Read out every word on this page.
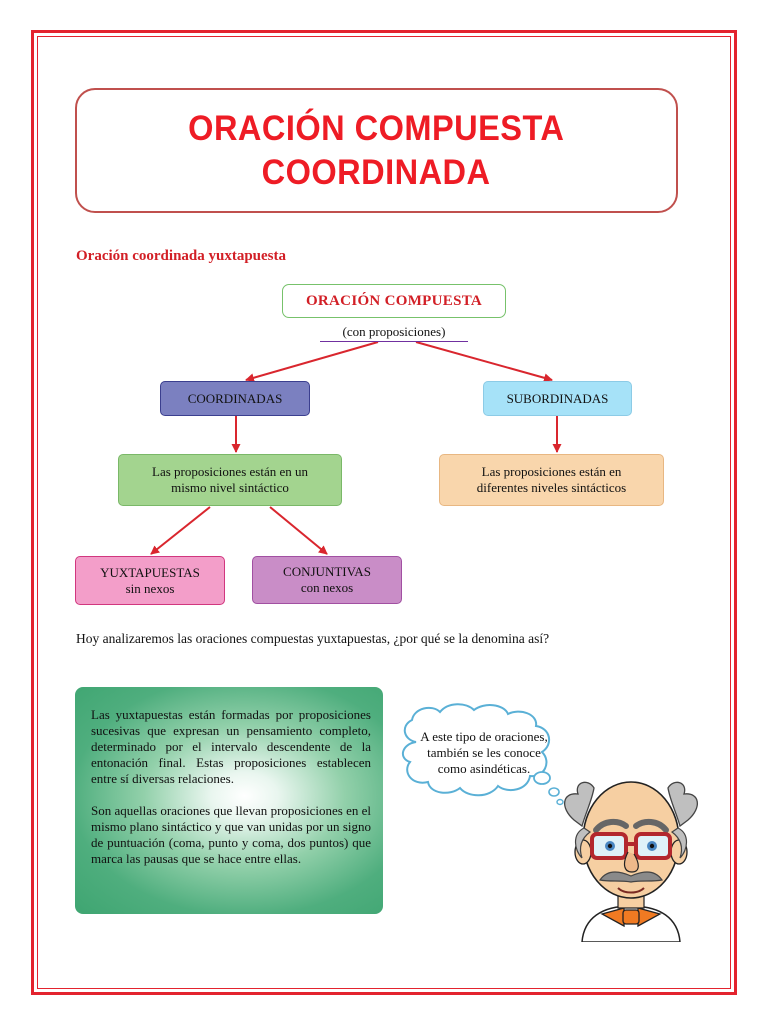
ORACIÓN COMPUESTA
COORDINADA
Oración coordinada yuxtapuesta
ORACIÓN COMPUESTA
(con proposiciones)
COORDINADAS	SUBORDINADAS
Las proposiciones están en un
mismo nivel sintáctico
Las proposiciones están en
diferentes niveles sintácticos
YUXTAPUESTAS
sin nexos
CONJUNTIVAS
con nexos
Hoy analizaremos las oraciones compuestas yuxtapuestas, ¿por qué se la denomina así?

Las yuxtapuestas están formadas por proposiciones sucesivas que expresan un pensamiento completo, determinado por el intervalo descendente de la entonación final. Estas proposiciones establecen entre sí diversas relaciones.

Son aquellas oraciones que llevan proposiciones en el mismo plano sintáctico y que van unidas por un signo de puntuación (coma, punto y coma, dos puntos) que marca las pausas que se hace entre ellas.

A este tipo de oraciones,
también se les conoce
como asindéticas.
